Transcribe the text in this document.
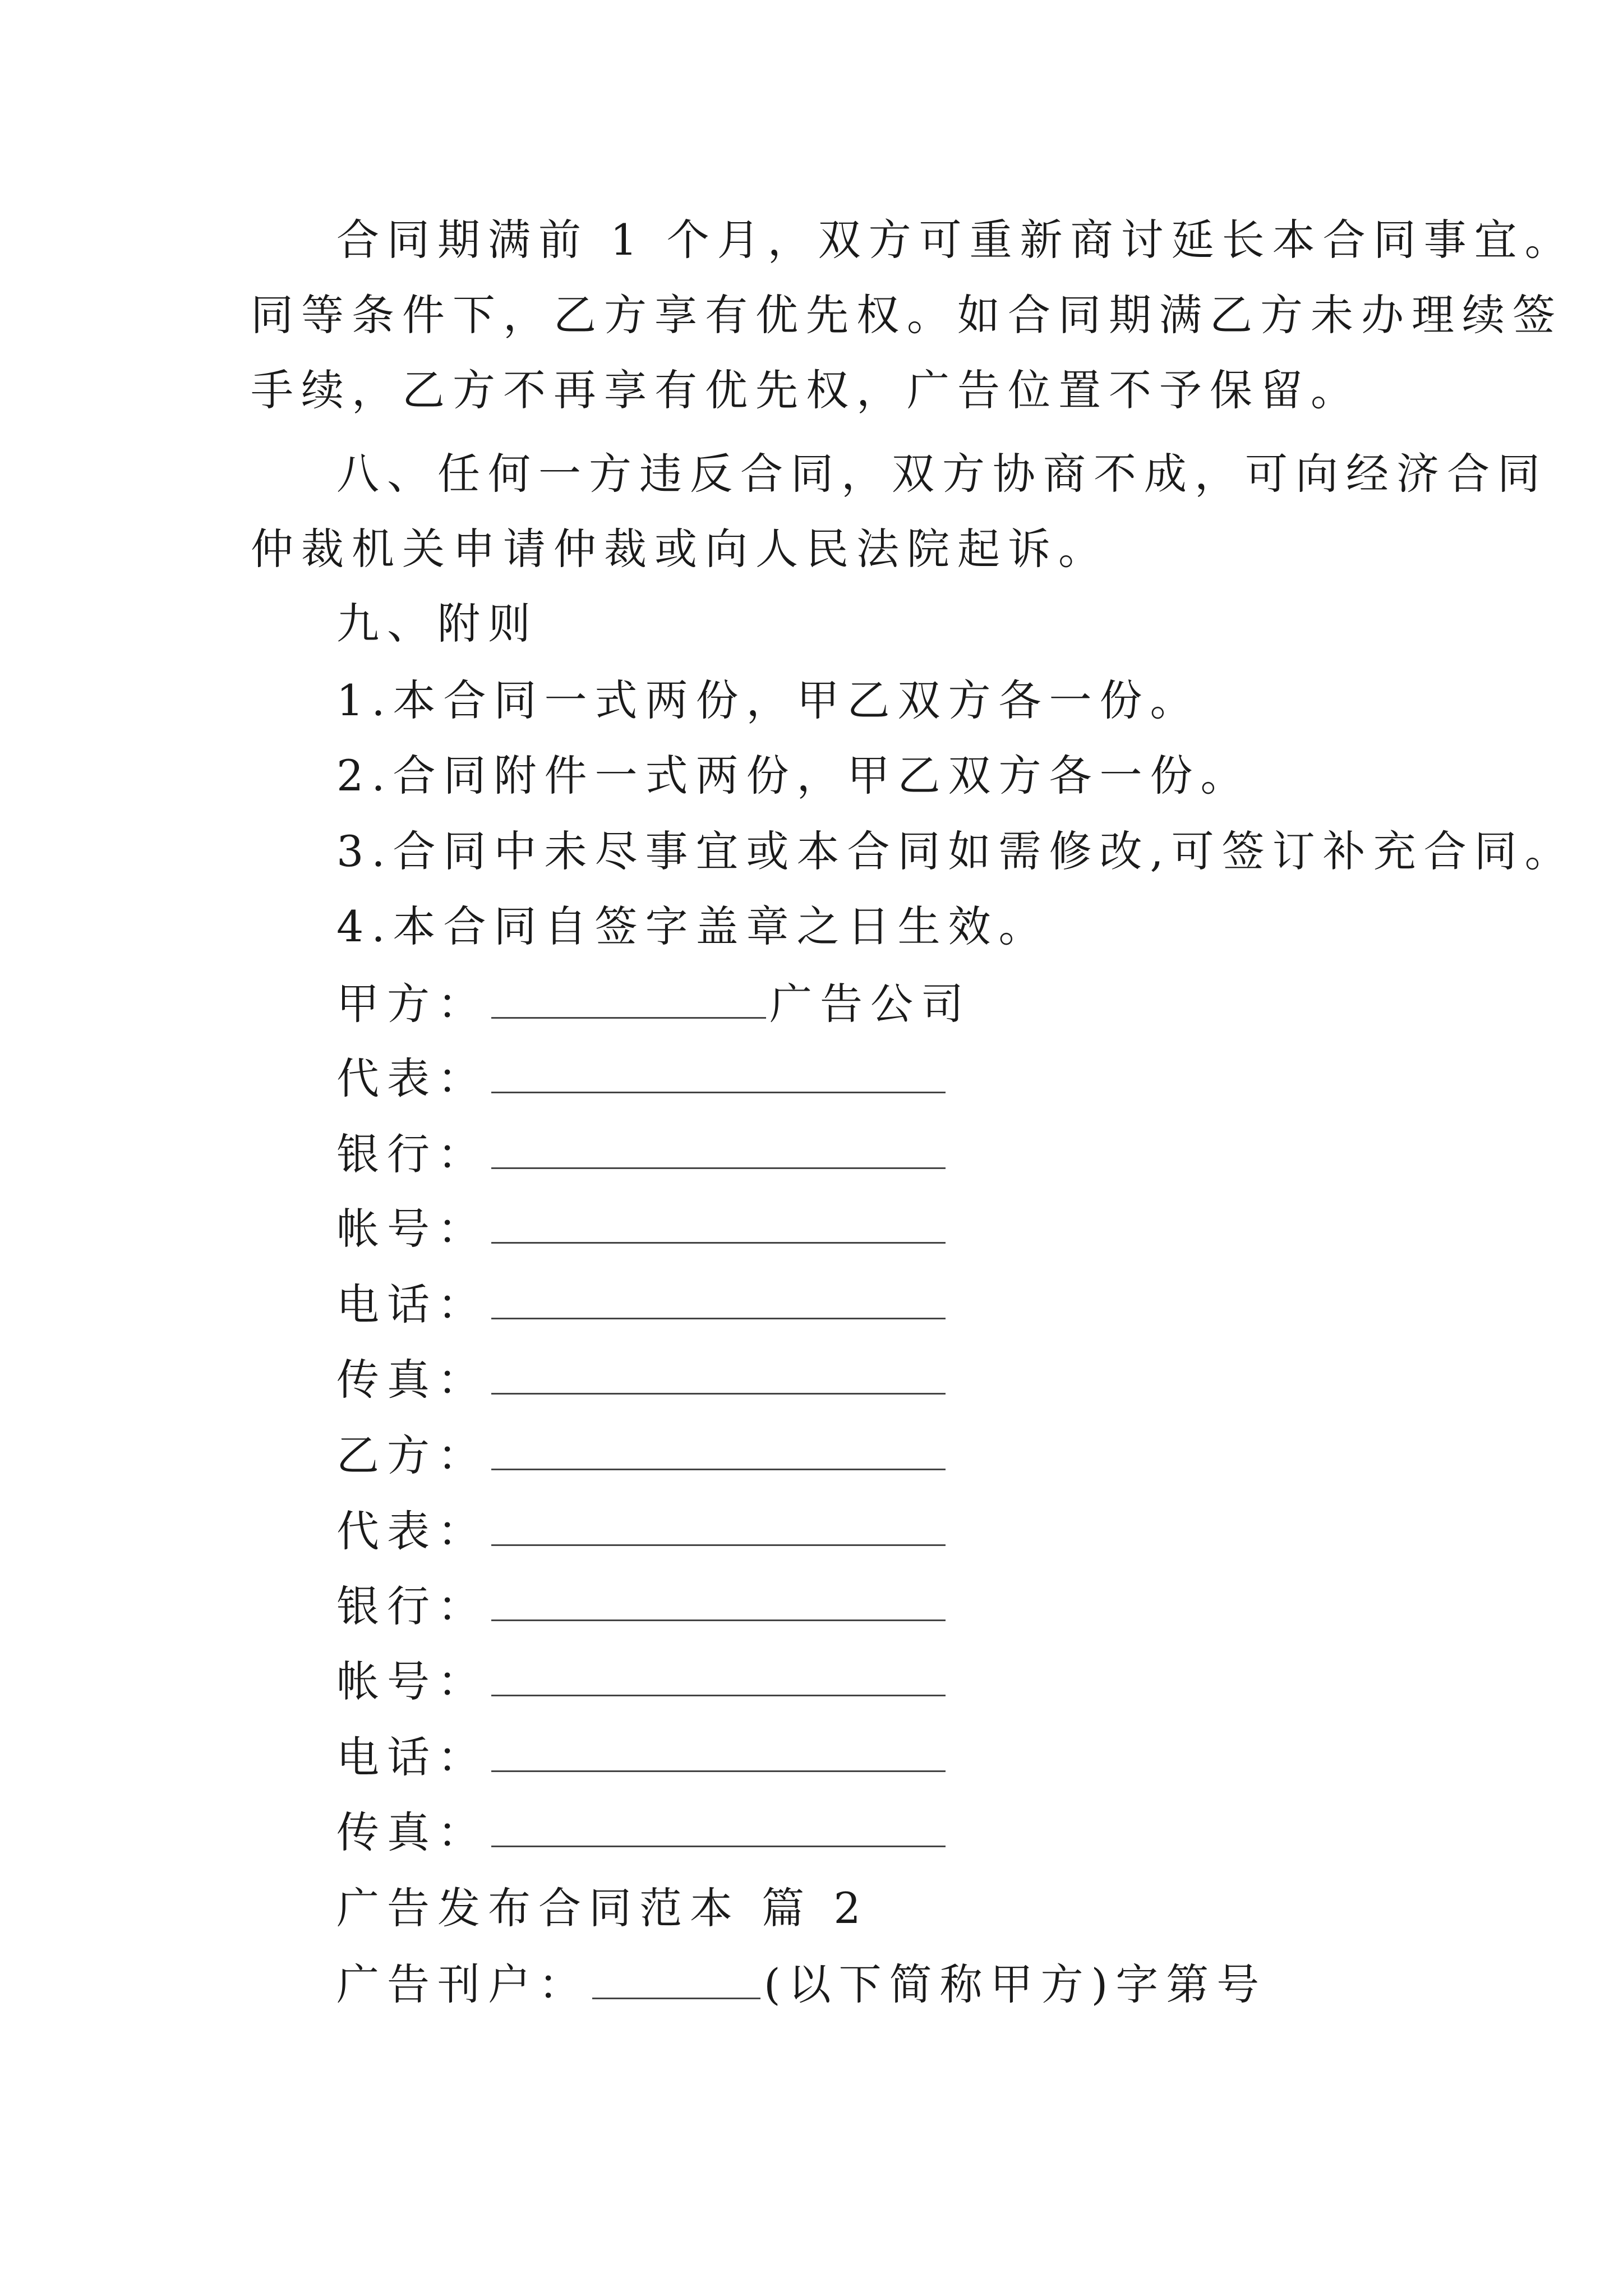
合同期满前 1 个月，双方可重新商讨延长本合同事宜。
同等条件下，乙方享有优先权。如合同期满乙方未办理续签
手续，乙方不再享有优先权，广告位置不予保留。
八、任何一方违反合同，双方协商不成，可向经济合同
仲裁机关申请仲裁或向人民法院起诉。
九、附则
1.本合同一式两份，甲乙双方各一份。
2.合同附件一式两份，甲乙双方各一份。
3.合同中未尽事宜或本合同如需修改,可签订补充合同。
4.本合同自签字盖章之日生效。
甲方：	广告公司
代表：
银行：
帐号：
电话：
传真：
乙方：
代表：
银行：
帐号：
电话：
传真：
广告发布合同范本 篇 2
广告刊户：	(以下简称甲方)字第号
